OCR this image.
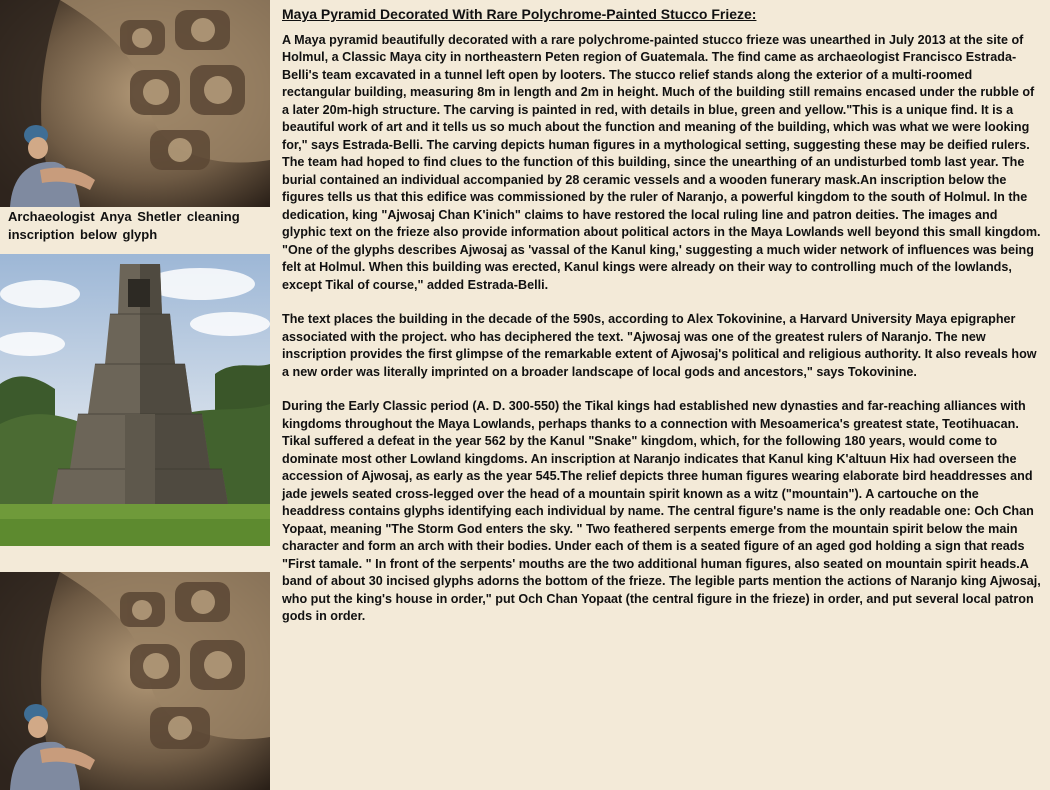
Archaeologist Anya Shetler cleaning inscription below glyph
Maya Pyramid Decorated With Rare Polychrome-Painted Stucco Frieze:

A Maya pyramid beautifully decorated with a rare polychrome-painted stucco frieze was unearthed in July 2013 at the site of Holmul, a Classic Maya city in northeastern Peten region of Guatemala. The find came as archaeologist Francisco Estrada-Belli's team excavated in a tunnel left open by looters. The stucco relief stands along the exterior of a multi-roomed rectangular building, measuring 8m in length and 2m in height. Much of the building still remains encased under the rubble of a later 20m-high structure. The carving is painted in red, with details in blue, green and yellow."This is a unique find. It is a beautiful work of art and it tells us so much about the function and meaning of the building, which was what we were looking for," says Estrada-Belli. The carving depicts human figures in a mythological setting, suggesting these may be deified rulers. The team had hoped to find clues to the function of this building, since the unearthing of an undisturbed tomb last year. The burial contained an individual accompanied by 28 ceramic vessels and a wooden funerary mask.An inscription below the figures tells us that this edifice was commissioned by the ruler of Naranjo, a powerful kingdom to the south of Holmul. In the dedication, king "Ajwosaj Chan K'inich" claims to have restored the local ruling line and patron deities. The images and glyphic text on the frieze also provide information about political actors in the Maya Lowlands well beyond this small kingdom. "One of the glyphs describes Ajwosaj as 'vassal of the Kanul king,' suggesting a much wider network of influences was being felt at Holmul. When this building was erected, Kanul kings were already on their way to controlling much of the lowlands, except Tikal of course," added Estrada-Belli.

The text places the building in the decade of the 590s, according to Alex Tokovinine, a Harvard University Maya epigrapher associated with the project. who has deciphered the text. "Ajwosaj was one of the greatest rulers of Naranjo. The new inscription provides the first glimpse of the remarkable extent of Ajwosaj's political and religious authority. It also reveals how a new order was literally imprinted on a broader landscape of local gods and ancestors," says Tokovinine.

During the Early Classic period (A. D. 300-550) the Tikal kings had established new dynasties and far-reaching alliances with kingdoms throughout the Maya Lowlands, perhaps thanks to a connection with Mesoamerica's greatest state, Teotihuacan. Tikal suffered a defeat in the year 562 by the Kanul "Snake" kingdom, which, for the following 180 years, would come to dominate most other Lowland kingdoms. An inscription at Naranjo indicates that Kanul king K'altuun Hix had overseen the accession of Ajwosaj, as early as the year 545.The relief depicts three human figures wearing elaborate bird headdresses and jade jewels seated cross-legged over the head of a mountain spirit known as a witz ("mountain"). A cartouche on the headdress contains glyphs identifying each individual by name. The central figure's name is the only readable one: Och Chan Yopaat, meaning "The Storm God enters the sky. " Two feathered serpents emerge from the mountain spirit below the main character and form an arch with their bodies. Under each of them is a seated figure of an aged god holding a sign that reads "First tamale. " In front of the serpents' mouths are the two additional human figures, also seated on mountain spirit heads.A band of about 30 incised glyphs adorns the bottom of the frieze. The legible parts mention the actions of Naranjo king Ajwosaj, who put the king's house in order," put Och Chan Yopaat (the central figure in the frieze) in order, and put several local patron gods in order.
